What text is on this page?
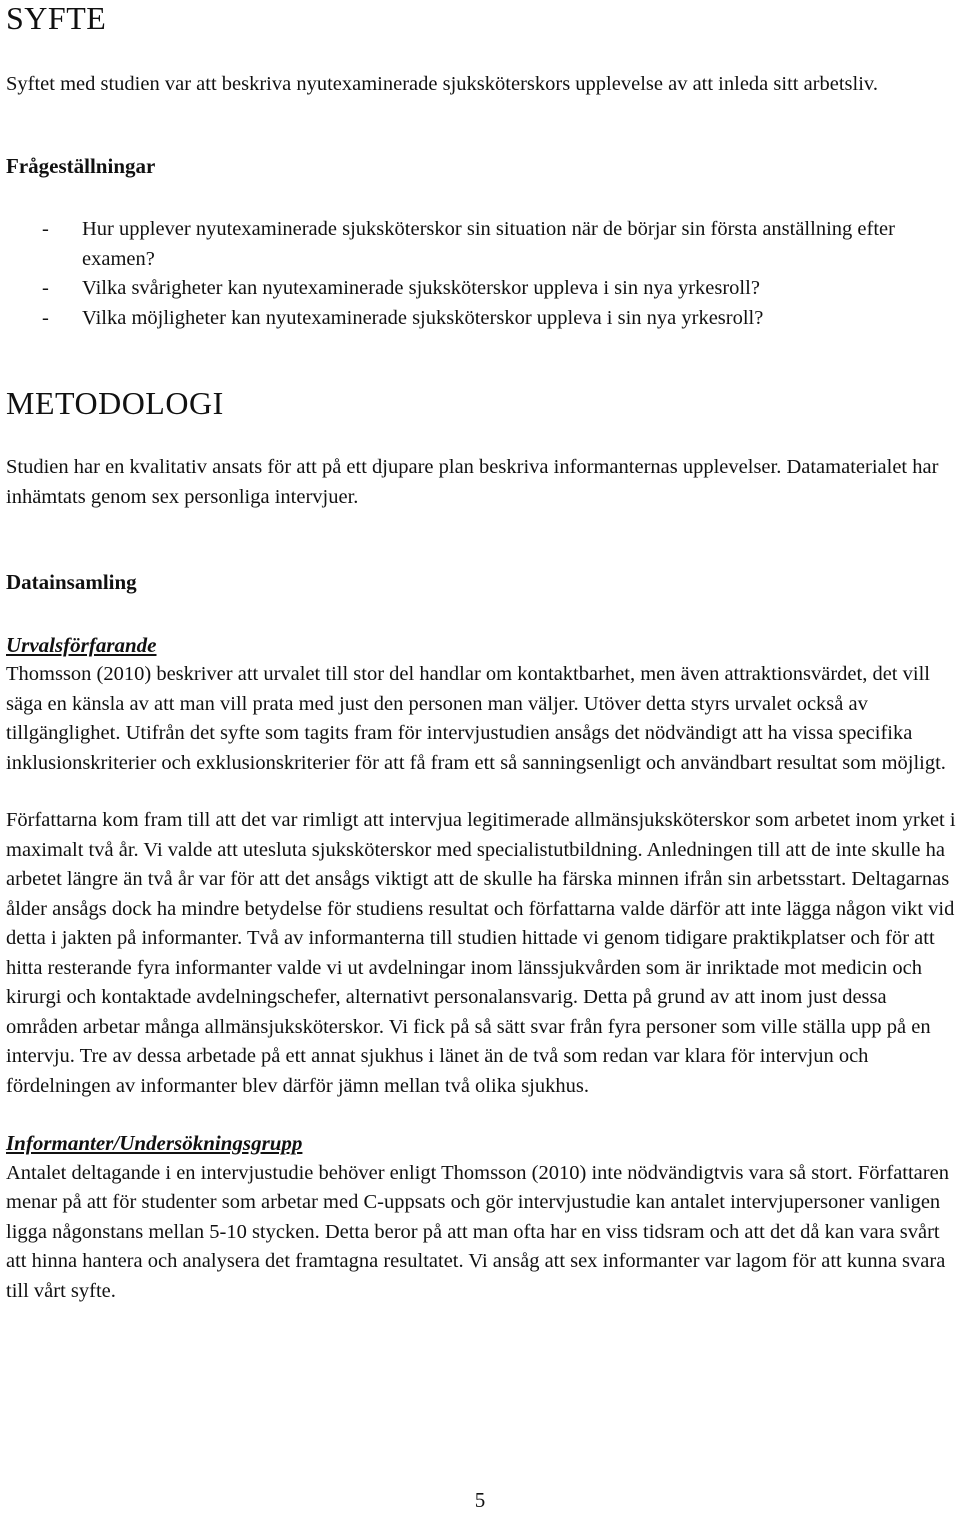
SYFTE

Syftet med studien var att beskriva nyutexaminerade sjuksköterskors upplevelse av att inleda sitt arbetsliv.

Frågeställningar
- Hur upplever nyutexaminerade sjuksköterskor sin situation när de börjar sin första anställning efter examen?
- Vilka svårigheter kan nyutexaminerade sjuksköterskor uppleva i sin nya yrkesroll?
- Vilka möjligheter kan nyutexaminerade sjuksköterskor uppleva i sin nya yrkesroll?
METODOLOGI

Studien har en kvalitativ ansats för att på ett djupare plan beskriva informanternas upplevelser. Datamaterialet har inhämtats genom sex personliga intervjuer.

Datainsamling
Urvalsförfarande

Thomsson (2010) beskriver att urvalet till stor del handlar om kontaktbarhet, men även attraktionsvärdet, det vill säga en känsla av att man vill prata med just den personen man väljer. Utöver detta styrs urvalet också av tillgänglighet. Utifrån det syfte som tagits fram för intervjustudien ansågs det nödvändigt att ha vissa specifika inklusionskriterier och exklusionskriterier för att få fram ett så sanningsenligt och användbart resultat som möjligt.

Författarna kom fram till att det var rimligt att intervjua legitimerade allmänsjuksköterskor som arbetet inom yrket i maximalt två år. Vi valde att utesluta sjuksköterskor med specialistutbildning. Anledningen till att de inte skulle ha arbetet längre än två år var för att det ansågs viktigt att de skulle ha färska minnen ifrån sin arbetsstart. Deltagarnas ålder ansågs dock ha mindre betydelse för studiens resultat och författarna valde därför att inte lägga någon vikt vid detta i jakten på informanter. Två av informanterna till studien hittade vi genom tidigare praktikplatser och för att hitta resterande fyra informanter valde vi ut avdelningar inom länssjukvården som är inriktade mot medicin och kirurgi och kontaktade avdelningschefer, alternativt personalansvarig. Detta på grund av att inom just dessa områden arbetar många allmänsjuksköterskor. Vi fick på så sätt svar från fyra personer som ville ställa upp på en intervju. Tre av dessa arbetade på ett annat sjukhus i länet än de två som redan var klara för intervjun och fördelningen av informanter blev därför jämn mellan två olika sjukhus.

Informanter/Undersökningsgrupp

Antalet deltagande i en intervjustudie behöver enligt Thomsson (2010) inte nödvändigtvis vara så stort. Författaren menar på att för studenter som arbetar med C-uppsats och gör intervjustudie kan antalet intervjupersoner vanligen ligga någonstans mellan 5-10 stycken. Detta beror på att man ofta har en viss tidsram och att det då kan vara svårt att hinna hantera och analysera det framtagna resultatet. Vi ansåg att sex informanter var lagom för att kunna svara till vårt syfte.

5
